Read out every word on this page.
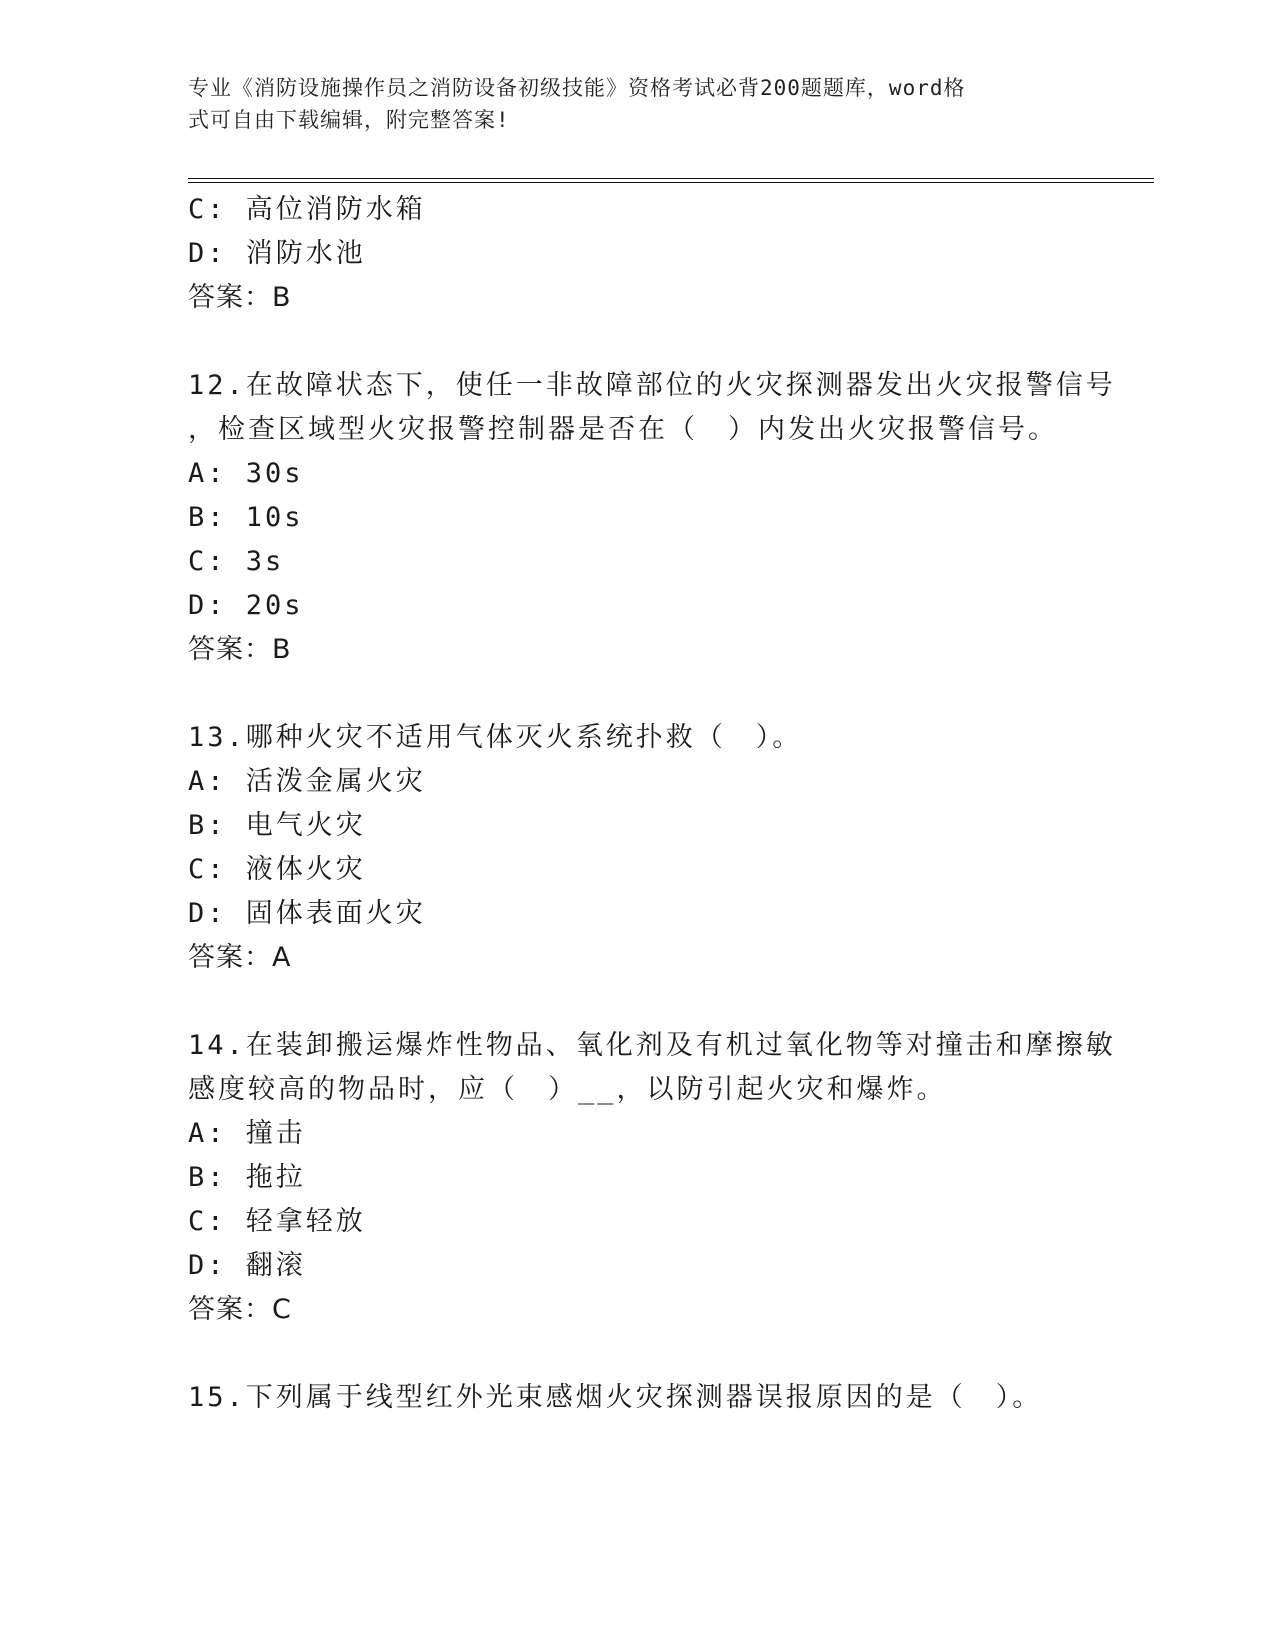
专业《消防设施操作员之消防设备初级技能》资格考试必背200题题库，word格
式可自由下载编辑，附完整答案!
C: 高位消防水箱
D: 消防水池
答案：B
12.在故障状态下，使任一非故障部位的火灾探测器发出火灾报警信号
，检查区域型火灾报警控制器是否在（　）内发出火灾报警信号。
A: 30s
B: 10s
C: 3s
D: 20s
答案：B
13.哪种火灾不适用气体灭火系统扑救（　）。
A: 活泼金属火灾
B: 电气火灾
C: 液体火灾
D: 固体表面火灾
答案：A
14.在装卸搬运爆炸性物品、氧化剂及有机过氧化物等对撞击和摩擦敏
感度较高的物品时，应（　）__，以防引起火灾和爆炸。
A: 撞击
B: 拖拉
C: 轻拿轻放
D: 翻滚
答案：C
15.下列属于线型红外光束感烟火灾探测器误报原因的是（　）。
